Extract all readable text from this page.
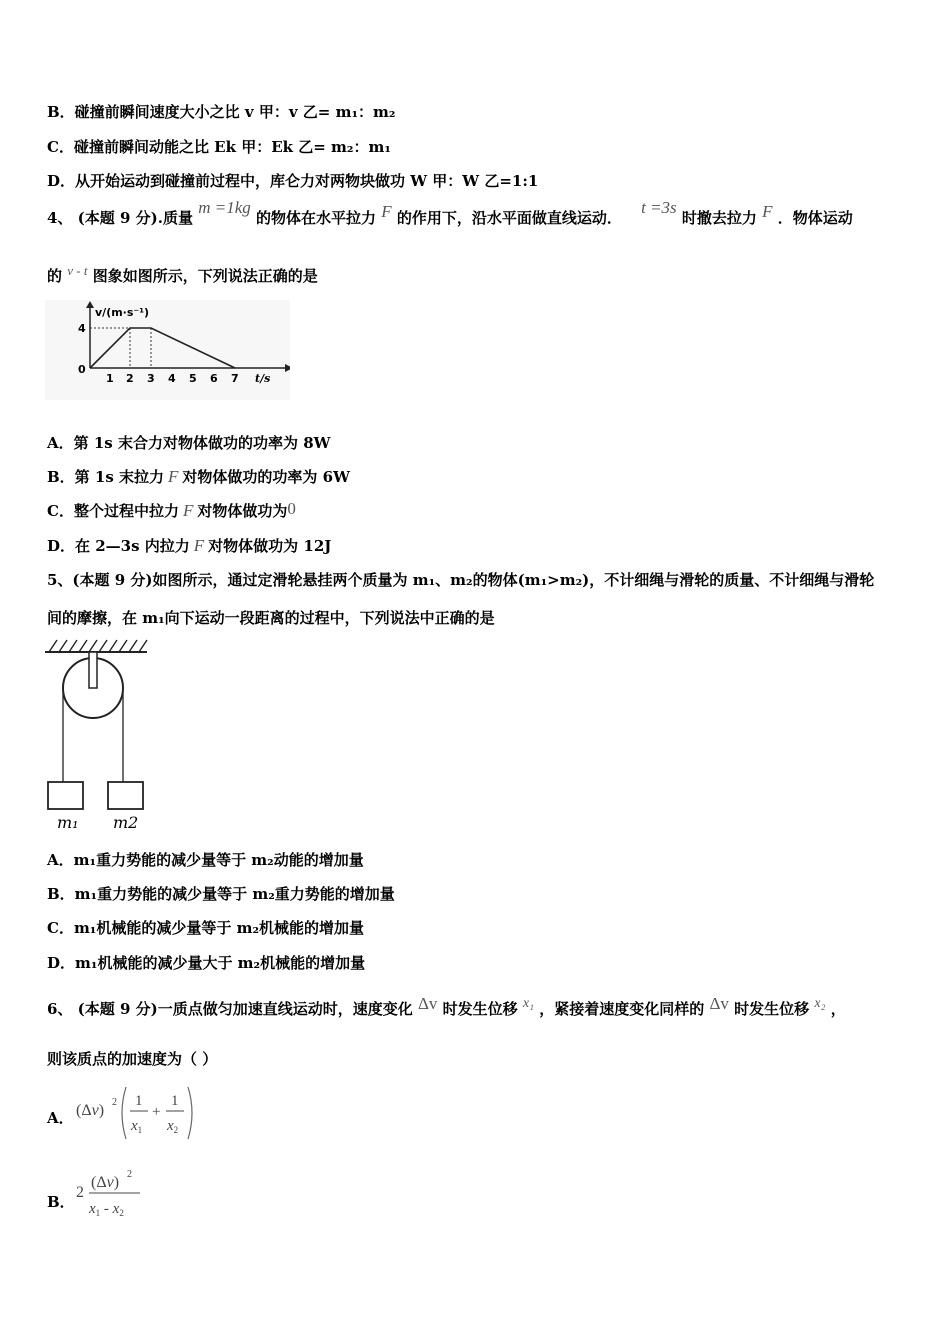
B．碰撞前瞬间速度大小之比 v 甲：v 乙= m₁：m₂
C．碰撞前瞬间动能之比 Ek 甲：Ek 乙= m₂：m₁
D．从开始运动到碰撞前过程中，库仑力对两物块做功 W 甲：W 乙=1:1
4、 (本题 9 分).质量 m =1kg 的物体在水平拉力 F 的作用下，沿水平面做直线运动． t =3s 时撤去拉力 F ．物体运动
的 v - t 图象如图所示，下列说法正确的是
v/(m·s⁻¹)
t/s
4
0
1 2 3 4 5 6 7
A．第 1s 末合力对物体做功的功率为 8W
B．第 1s 末拉力 F 对物体做功的功率为 6W
C．整个过程中拉力 F 对物体做功为0
D．在 2—3s 内拉力 F 对物体做功为 12J
5、(本题 9 分)如图所示，通过定滑轮悬挂两个质量为 m₁、m₂的物体(m₁>m₂)，不计细绳与滑轮的质量、不计细绳与滑轮
间的摩擦，在 m₁向下运动一段距离的过程中，下列说法中正确的是
m₁ m2
A．m₁重力势能的减少量等于 m₂动能的增加量
B．m₁重力势能的减少量等于 m₂重力势能的增加量
C．m₁机械能的减少量等于 m₂机械能的增加量
D．m₁机械能的减少量大于 m₂机械能的增加量
6、 (本题 9 分)一质点做匀加速直线运动时，速度变化 Δv 时发生位移 x₁ ，紧接着速度变化同样的 Δv 时发生位移 x₂ ，
则该质点的加速度为（ ）
A． (Δv) 2 1
$x_1$
+
1
$x_2$
B．
2
(Δv) 2
$x_1 - x_2$
